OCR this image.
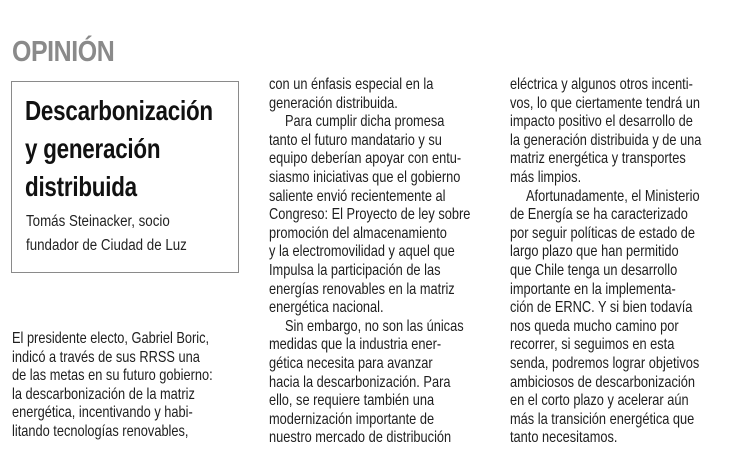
OPINIÓN
Descarbonización
y generación
distribuida

Tomás Steinacker, socio
fundador de Ciudad de Luz

El presidente electo, Gabriel Boric,
indicó a través de sus RRSS una
de las metas en su futuro gobierno:
la descarbonización de la matriz
energética, incentivando y habi-
litando tecnologías renovables,
con un énfasis especial en la
generación distribuida.
Para cumplir dicha promesa
tanto el futuro mandatario y su
equipo deberían apoyar con entu-
siasmo iniciativas que el gobierno
saliente envió recientemente al
Congreso: El Proyecto de ley sobre
promoción del almacenamiento
y la electromovilidad y aquel que
Impulsa la participación de las
energías renovables en la matriz
energética nacional.
Sin embargo, no son las únicas
medidas que la industria ener-
gética necesita para avanzar
hacia la descarbonización. Para
ello, se requiere también una
modernización importante de
nuestro mercado de distribución
eléctrica y algunos otros incenti-
vos, lo que ciertamente tendrá un
impacto positivo el desarrollo de
la generación distribuida y de una
matriz energética y transportes
más limpios.
Afortunadamente, el Ministerio
de Energía se ha caracterizado
por seguir políticas de estado de
largo plazo que han permitido
que Chile tenga un desarrollo
importante en la implementa-
ción de ERNC. Y si bien todavía
nos queda mucho camino por
recorrer, si seguimos en esta
senda, podremos lograr objetivos
ambiciosos de descarbonización
en el corto plazo y acelerar aún
más la transición energética que
tanto necesitamos.
